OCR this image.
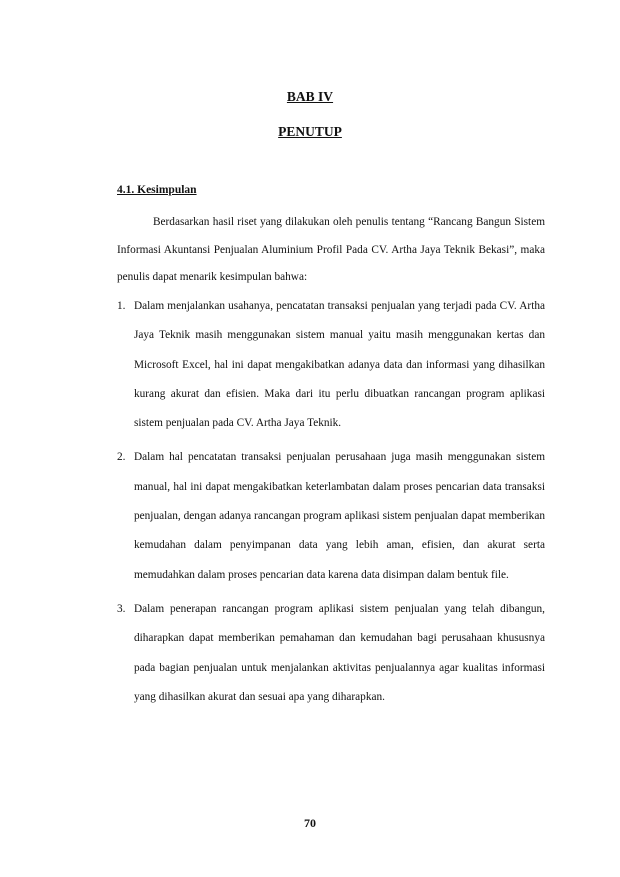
BAB IV
PENUTUP
4.1. Kesimpulan

Berdasarkan hasil riset yang dilakukan oleh penulis tentang “Rancang Bangun Sistem Informasi Akuntansi Penjualan Aluminium Profil Pada CV. Artha Jaya Teknik Bekasi”, maka penulis dapat menarik kesimpulan bahwa:

1. Dalam menjalankan usahanya, pencatatan transaksi penjualan yang terjadi pada CV. Artha Jaya Teknik masih menggunakan sistem manual yaitu masih menggunakan kertas dan Microsoft Excel, hal ini dapat mengakibatkan adanya data dan informasi yang dihasilkan kurang akurat dan efisien. Maka dari itu perlu dibuatkan rancangan program aplikasi sistem penjualan pada CV. Artha Jaya Teknik.
2. Dalam hal pencatatan transaksi penjualan perusahaan juga masih menggunakan sistem manual, hal ini dapat mengakibatkan keterlambatan dalam proses pencarian data transaksi penjualan, dengan adanya rancangan program aplikasi sistem penjualan dapat memberikan kemudahan dalam penyimpanan data yang lebih aman, efisien, dan akurat serta memudahkan dalam proses pencarian data karena data disimpan dalam bentuk file.
3. Dalam penerapan rancangan program aplikasi sistem penjualan yang telah dibangun, diharapkan dapat memberikan pemahaman dan kemudahan bagi perusahaan khususnya pada bagian penjualan untuk menjalankan aktivitas penjualannya agar kualitas informasi yang dihasilkan akurat dan sesuai apa yang diharapkan.
70
